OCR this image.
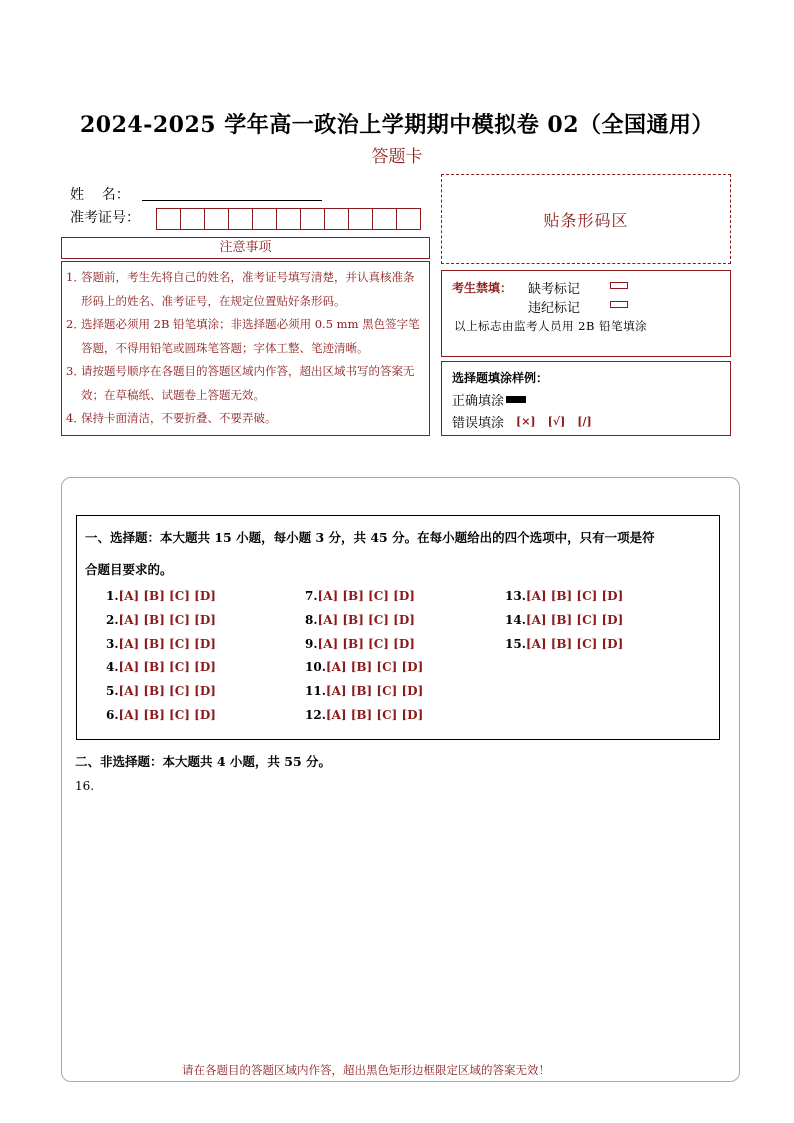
2024-2025 学年高一政治上学期期中模拟卷 02（全国通用）
答题卡
姓    名：
准考证号：
注意事项
1．
答题前，考生先将自己的姓名，准考证号填写清楚，并认真核准条形码上的姓名、准考证号，在规定位置贴好条形码。
2．
选择题必须用 2B 铅笔填涂；非选择题必须用 0.5 mm 黑色签字笔答题，不得用铅笔或圆珠笔答题；字体工整、笔迹清晰。
3．
请按题号顺序在各题目的答题区域内作答，超出区域书写的答案无效；在草稿纸、试题卷上答题无效。
4．
保持卡面清洁，不要折叠、不要弄破。
贴条形码区
考生禁填： 缺考标记
违纪标记
以上标志由监考人员用 2B 铅笔填涂
选择题填涂样例：
正确填涂
错误填涂 [×] [√] [/]
一、选择题：本大题共 15 小题，每小题 3 分，共 45 分。在每小题给出的四个选项中，只有一项是符
合题目要求的。
1.[A] [B] [C] [D]
2.[A] [B] [C] [D]
3.[A] [B] [C] [D]
4.[A] [B] [C] [D]
5.[A] [B] [C] [D]
6.[A] [B] [C] [D]
7.[A] [B] [C] [D]
8.[A] [B] [C] [D]
9.[A] [B] [C] [D]
10.[A] [B] [C] [D]
11.[A] [B] [C] [D]
12.[A] [B] [C] [D]
13.[A] [B] [C] [D]
14.[A] [B] [C] [D]
15.[A] [B] [C] [D]
二、非选择题：本大题共 4 小题，共 55 分。
16.
请在各题目的答题区域内作答，超出黑色矩形边框限定区域的答案无效！
